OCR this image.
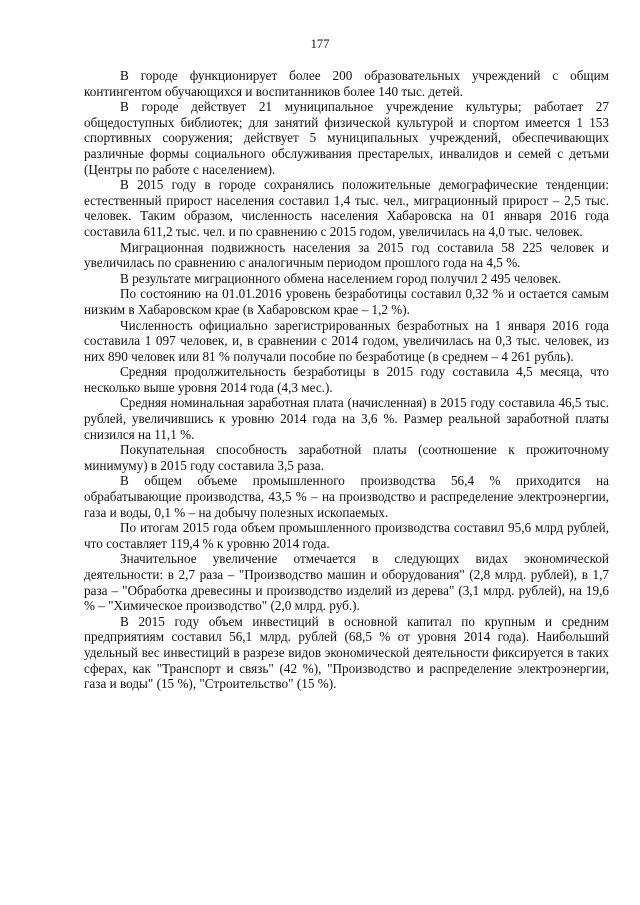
177

В городе функционирует более 200 образовательных учреждений с общим контингентом обучающихся и воспитанников более 140 тыс. детей.

В городе действует 21 муниципальное учреждение культуры; работает 27 общедоступных библиотек; для занятий физической культурой и спортом имеется 1 153 спортивных сооружения; действует 5 муниципальных учреждений, обеспечивающих различные формы социального обслуживания престарелых, инвалидов и семей с детьми (Центры по работе с населением).

В 2015 году в городе сохранялись положительные демографические тенденции: естественный прирост населения составил 1,4 тыс. чел., миграционный прирост – 2,5 тыс. человек. Таким образом, численность населения Хабаровска на 01 января 2016 года составила 611,2 тыс. чел. и по сравнению с 2015 годом, увеличилась на 4,0 тыс. человек.

Миграционная подвижность населения за 2015 год составила 58 225 человек и увеличилась по сравнению с аналогичным периодом прошлого года на 4,5 %.

В результате миграционного обмена населением город получил 2 495 человек.

По состоянию на 01.01.2016 уровень безработицы составил 0,32 % и остается самым низким в Хабаровском крае (в Хабаровском крае – 1,2 %).

Численность официально зарегистрированных безработных на 1 января 2016 года составила 1 097 человек, и, в сравнении с 2014 годом, увеличилась на 0,3 тыс. человек, из них 890 человек или 81 % получали пособие по безработице (в среднем – 4 261 рубль).

Средняя продолжительность безработицы в 2015 году составила 4,5 месяца, что несколько выше уровня 2014 года (4,3 мес.).

Средняя номинальная заработная плата (начисленная) в 2015 году составила 46,5 тыс. рублей, увеличившись к уровню 2014 года на 3,6 %. Размер реальной заработной платы снизился на 11,1 %.

Покупательная способность заработной платы (соотношение к прожиточному минимуму) в 2015 году составила 3,5 раза.

В общем объеме промышленного производства 56,4 % приходится на обрабатывающие производства, 43,5 % – на производство и распределение электроэнергии, газа и воды, 0,1 % – на добычу полезных ископаемых.

По итогам 2015 года объем промышленного производства составил 95,6 млрд рублей, что составляет 119,4 % к уровню 2014 года.

Значительное увеличение отмечается в следующих видах экономической деятельности: в 2,7 раза – "Производство машин и оборудования" (2,8 млрд. рублей), в 1,7 раза – "Обработка древесины и производство изделий из дерева" (3,1 млрд. рублей), на 19,6 % – "Химическое производство" (2,0 млрд. руб.).

В 2015 году объем инвестиций в основной капитал по крупным и средним предприятиям составил 56,1 млрд. рублей (68,5 % от уровня 2014 года). Наибольший удельный вес инвестиций в разрезе видов экономической деятельности фиксируется в таких сферах, как "Транспорт и связь" (42 %), "Производство и распределение электроэнергии, газа и воды" (15 %), "Строительство" (15 %).
